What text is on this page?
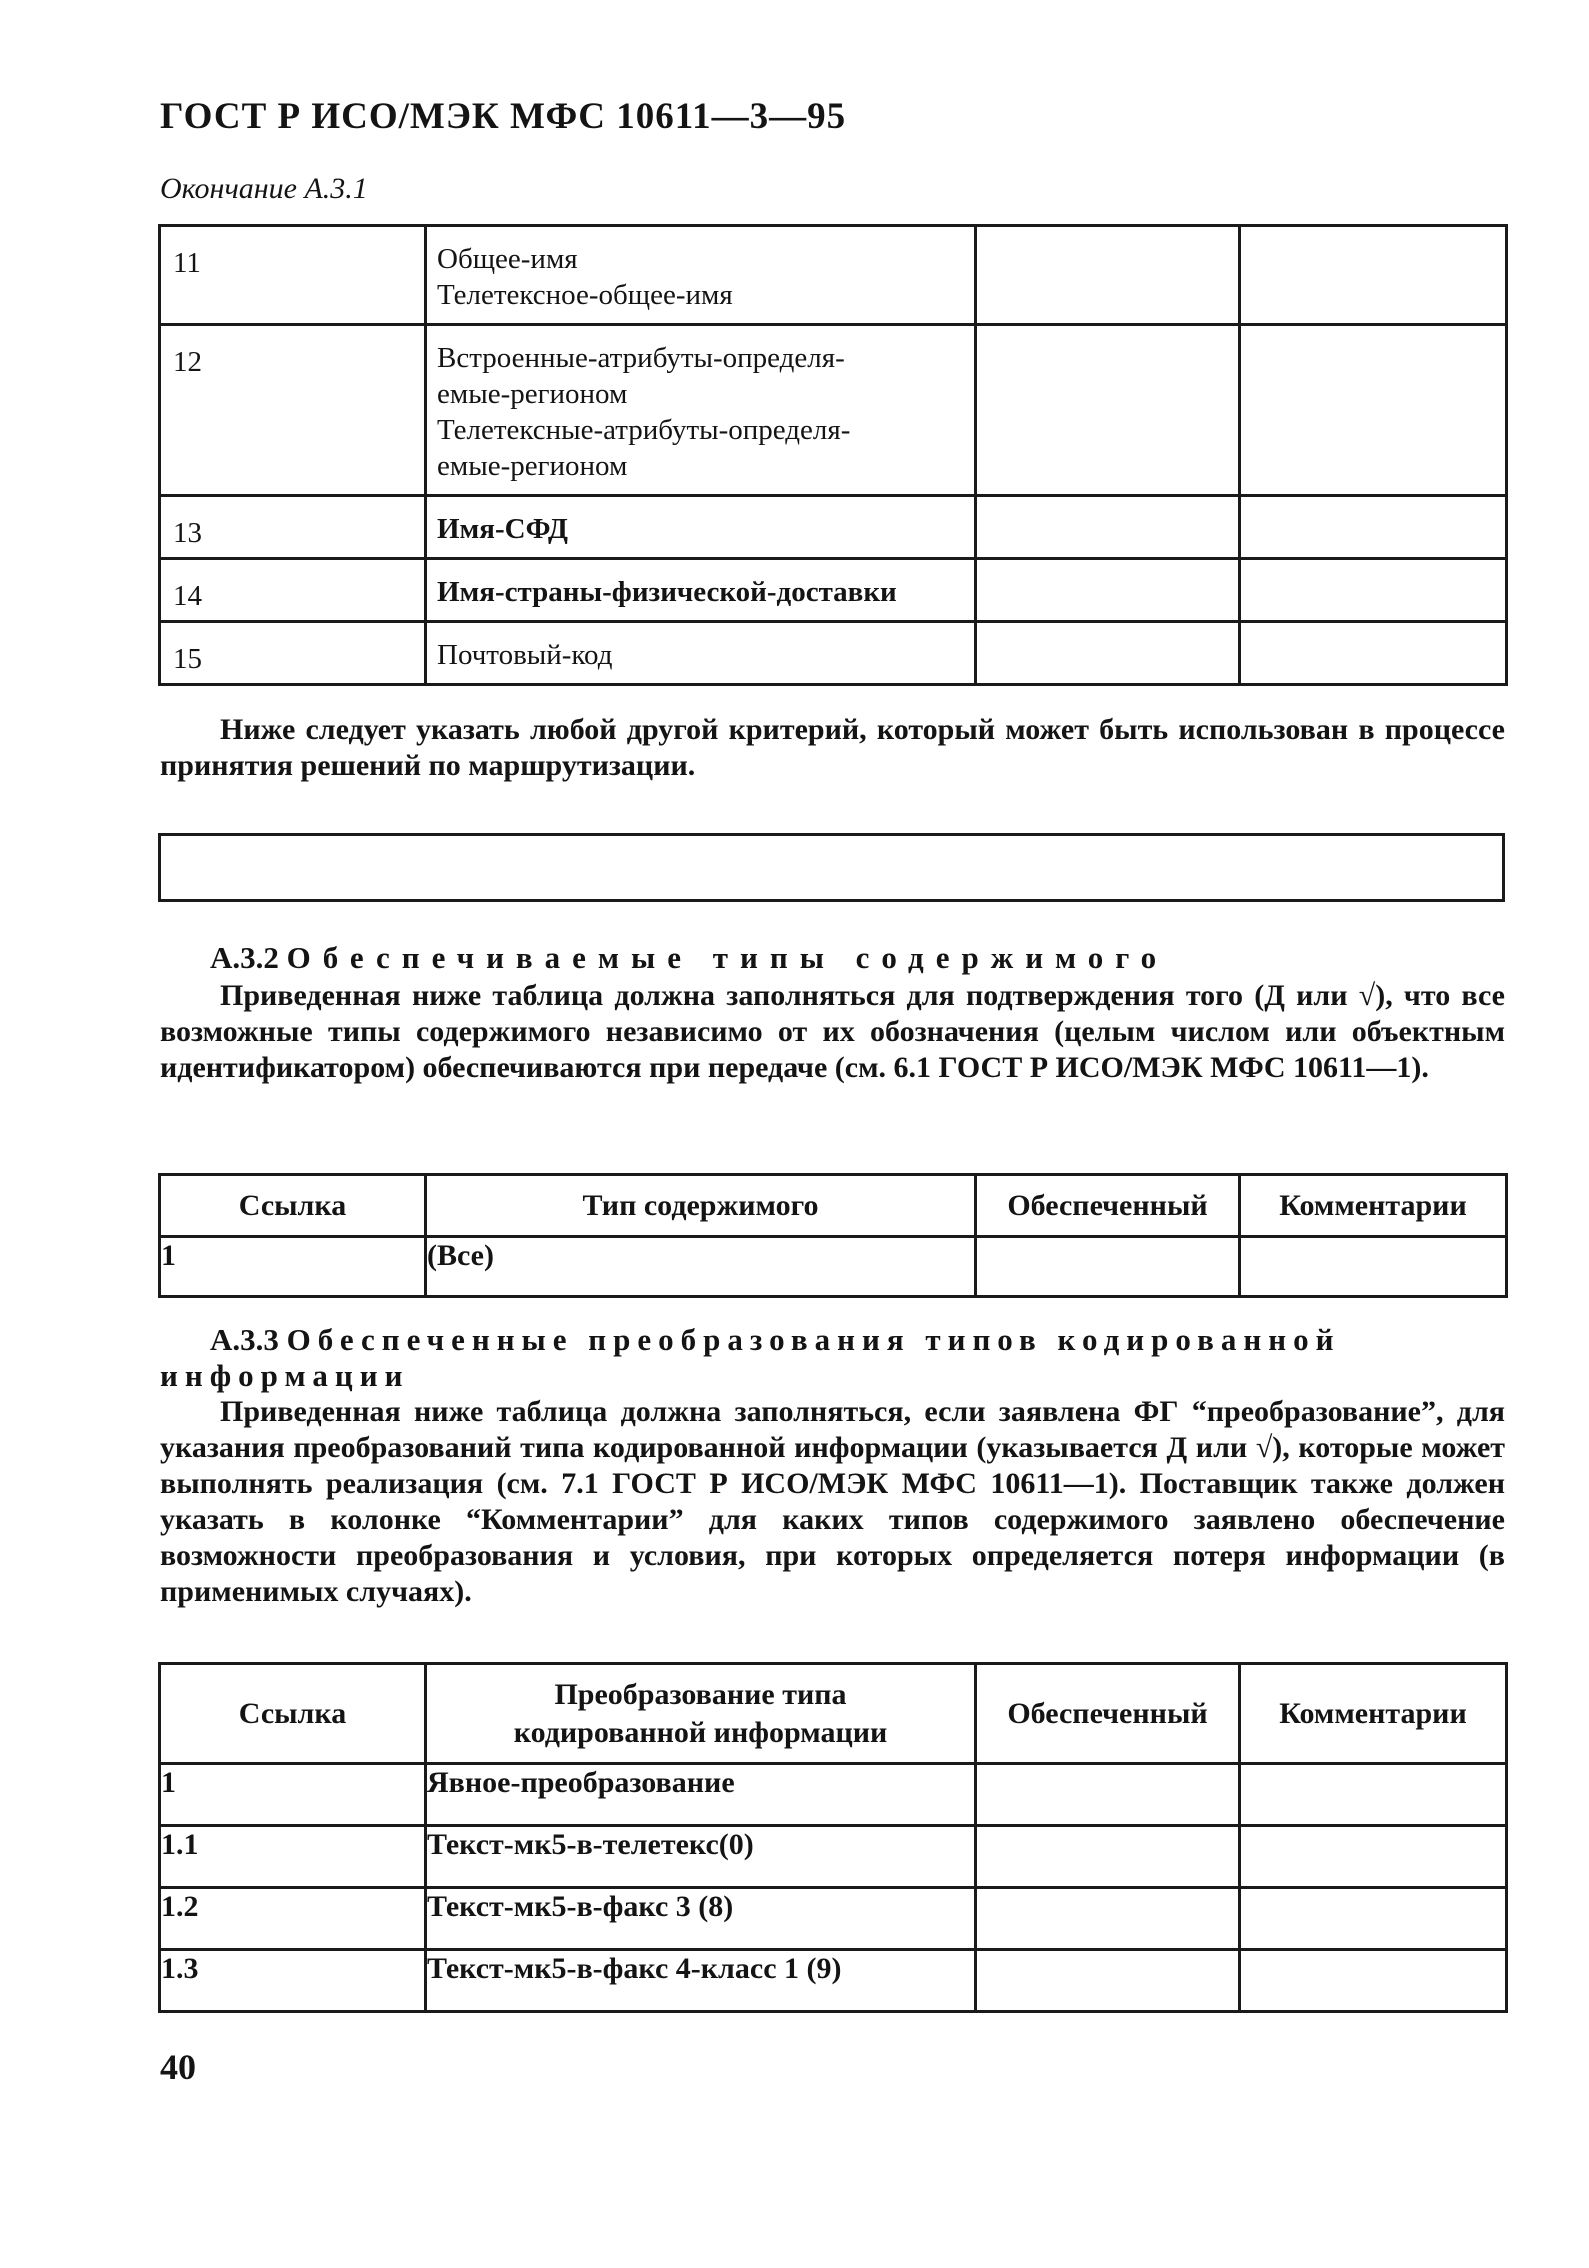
ГОСТ Р ИСО/МЭК МФС 10611—3—95
Окончание А.3.1
11	Общее-имя
Телетексное-общее-имя		

12	Встроенные-атрибуты-определя-
емые-регионом
Телетексные-атрибуты-определя-
емые-регионом		

13	Имя-СФД		

14	Имя-страны-физической-доставки		

15	Почтовый-код		

Ниже следует указать любой другой критерий, который может быть использован в процессе принятия решений по маршрутизации.
А.3.2 Обеспечиваемые типы содержимого
Приведенная ниже таблица должна заполняться для подтверждения того (Д или √), что все возможные типы содержимого независимо от их обозначения (целым числом или объектным идентификатором) обеспечиваются при передаче (см. 6.1 ГОСТ Р ИСО/МЭК МФС 10611—1).
Ссылка	Тип содержимого	Обеспеченный	Комментарии
1	(Все)		
А.3.3 Обеспеченные преобразования типов кодированной
информации
Приведенная ниже таблица должна заполняться, если заявлена ФГ “преобразование”, для указания преобразований типа кодированной информации (указывается Д или √), которые может выполнять реализация (см. 7.1 ГОСТ Р ИСО/МЭК МФС 10611—1). Поставщик также должен указать в колонке “Комментарии” для каких типов содержимого заявлено обеспечение возможности преобразования и условия, при которых определяется потеря информации (в применимых случаях).
Ссылка	Преобразование типа кодированной информации	Обеспеченный	Комментарии
1	Явное-преобразование		
1.1	Текст-мк5-в-телетекс(0)		
1.2	Текст-мк5-в-факс 3 (8)		
1.3	Текст-мк5-в-факс 4-класс 1 (9)		
40
